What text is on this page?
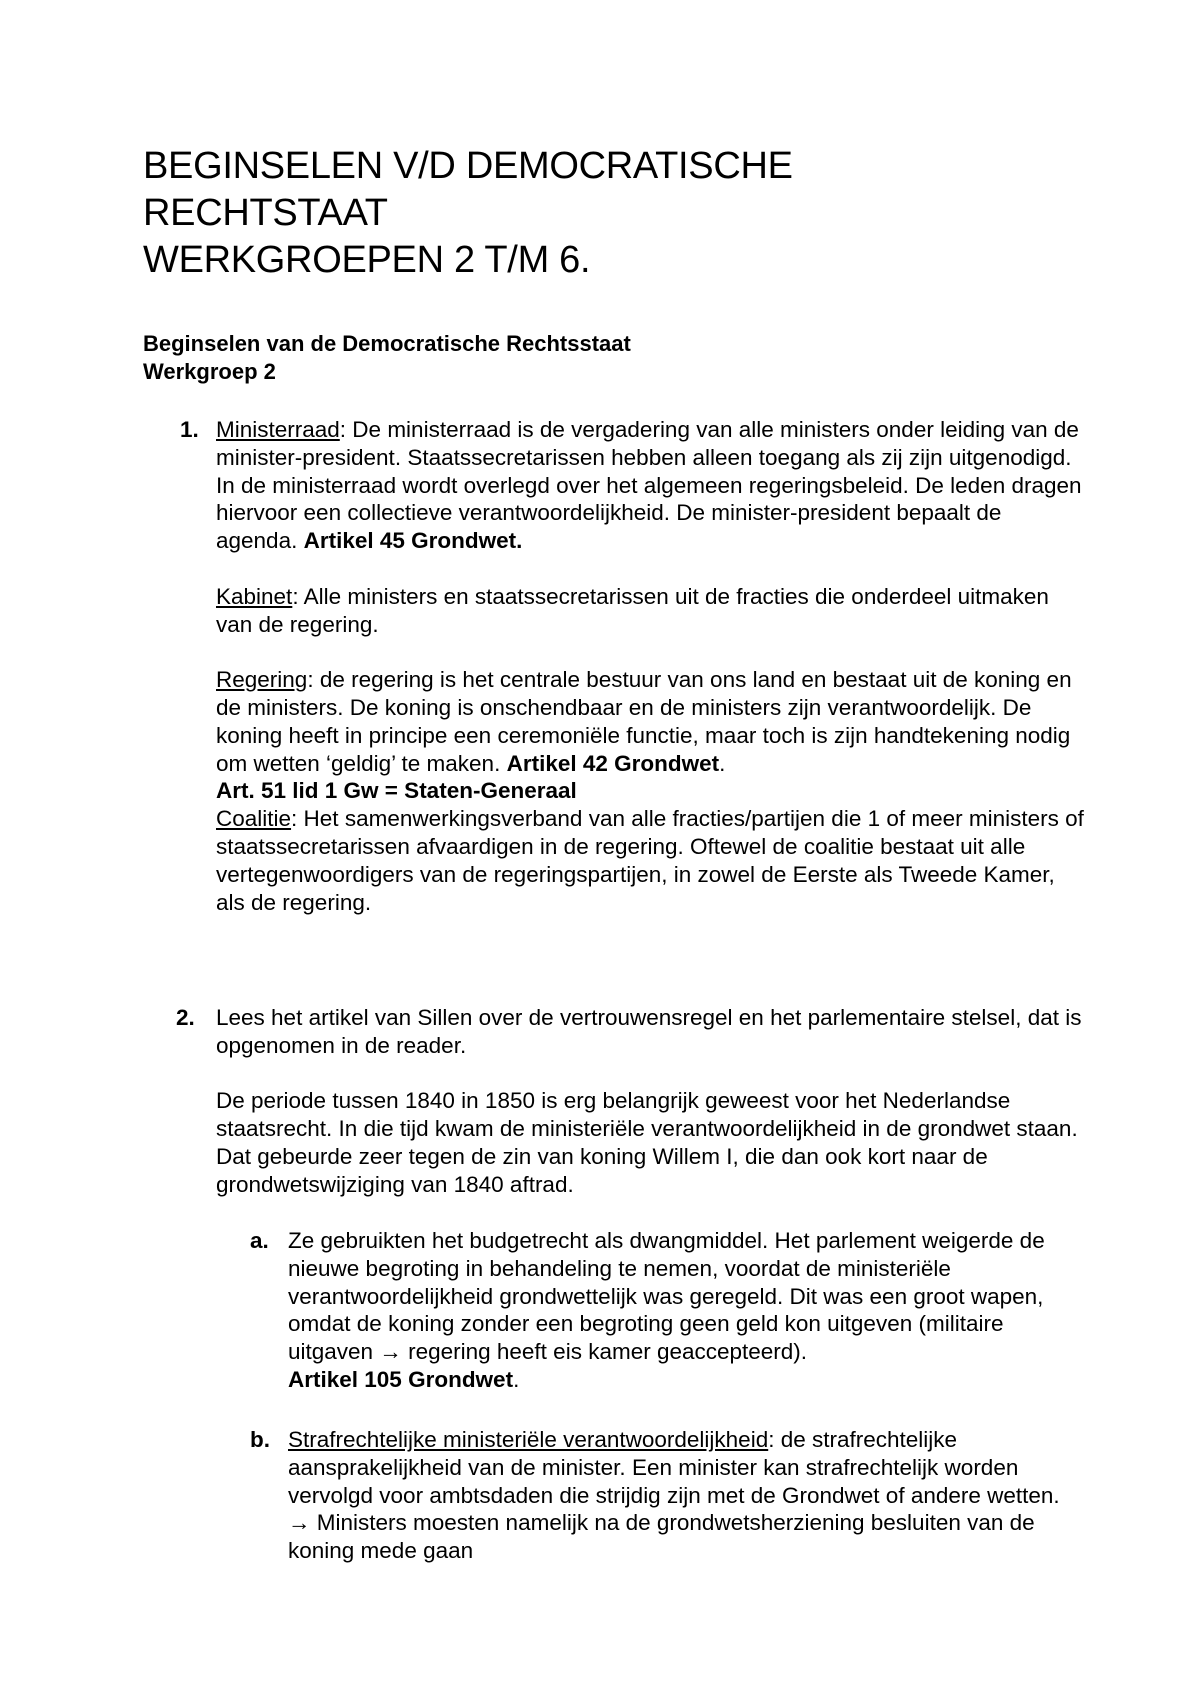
BEGINSELEN V/D DEMOCRATISCHE
RECHTSTAAT
WERKGROEPEN 2 T/M 6.
Beginselen van de Democratische Rechtsstaat
Werkgroep 2
1. Ministerraad: De ministerraad is de vergadering van alle ministers onder leiding van de minister-president. Staatssecretarissen hebben alleen toegang als zij zijn uitgenodigd. In de ministerraad wordt overlegd over het algemeen regeringsbeleid. De leden dragen hiervoor een collectieve verantwoordelijkheid. De minister-president bepaalt de agenda. Artikel 45 Grondwet.

Kabinet: Alle ministers en staatssecretarissen uit de fracties die onderdeel uitmaken van de regering.

Regering: de regering is het centrale bestuur van ons land en bestaat uit de koning en de ministers. De koning is onschendbaar en de ministers zijn verantwoordelijk. De koning heeft in principe een ceremoniële functie, maar toch is zijn handtekening nodig om wetten ‘geldig’ te maken. Artikel 42 Grondwet.

Art. 51 lid 1 Gw = Staten-Generaal

Coalitie: Het samenwerkingsverband van alle fracties/partijen die 1 of meer ministers of staatssecretarissen afvaardigen in de regering. Oftewel de coalitie bestaat uit alle vertegenwoordigers van de regeringspartijen, in zowel de Eerste als Tweede Kamer, als de regering.

2. Lees het artikel van Sillen over de vertrouwensregel en het parlementaire stelsel, dat is opgenomen in de reader.

De periode tussen 1840 in 1850 is erg belangrijk geweest voor het Nederlandse staatsrecht. In die tijd kwam de ministeriële verantwoordelijkheid in de grondwet staan. Dat gebeurde zeer tegen de zin van koning Willem I, die dan ook kort naar de grondwetswijziging van 1840 aftrad.

a. Ze gebruikten het budgetrecht als dwangmiddel. Het parlement weigerde de nieuwe begroting in behandeling te nemen, voordat de ministeriële verantwoordelijkheid grondwettelijk was geregeld. Dit was een groot wapen, omdat de koning zonder een begroting geen geld kon uitgeven (militaire uitgaven → regering heeft eis kamer geaccepteerd).
Artikel 105 Grondwet.

b. Strafrechtelijke ministeriële verantwoordelijkheid: de strafrechtelijke aansprakelijkheid van de minister. Een minister kan strafrechtelijk worden vervolgd voor ambtsdaden die strijdig zijn met de Grondwet of andere wetten. → Ministers moesten namelijk na de grondwetsherziening besluiten van de koning mede gaan
